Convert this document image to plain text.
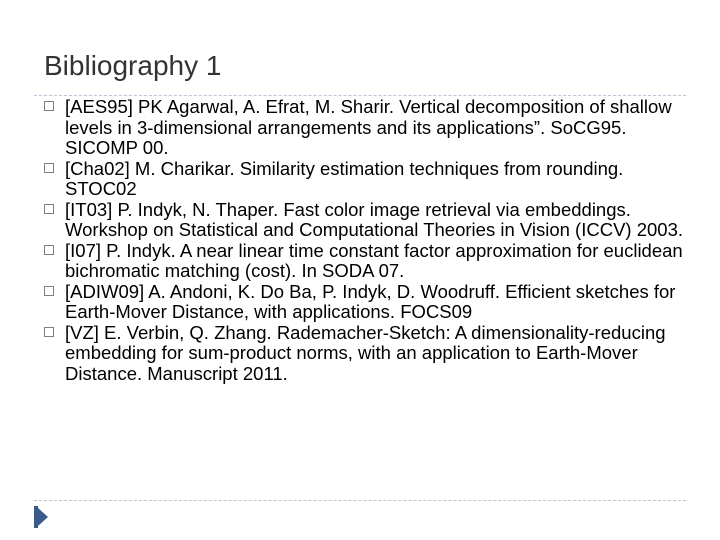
Bibliography 1
[AES95] PK Agarwal, A. Efrat, M. Sharir. Vertical decomposition of shallow levels in 3-dimensional arrangements and its applications”. SoCG95. SICOMP 00.
[Cha02] M. Charikar. Similarity estimation techniques from rounding. STOC02
[IT03] P. Indyk, N. Thaper. Fast color image retrieval via embeddings. Workshop on Statistical and Computational Theories in Vision (ICCV) 2003.
[I07] P. Indyk. A near linear time constant factor approximation for euclidean bichromatic matching (cost). In SODA 07.
[ADIW09] A. Andoni, K. Do Ba, P. Indyk, D. Woodruff. Efficient sketches for Earth-Mover Distance, with applications. FOCS09
[VZ] E. Verbin, Q. Zhang. Rademacher-Sketch: A dimensionality-reducing embedding for sum-product norms, with an application to Earth-Mover Distance. Manuscript 2011.
